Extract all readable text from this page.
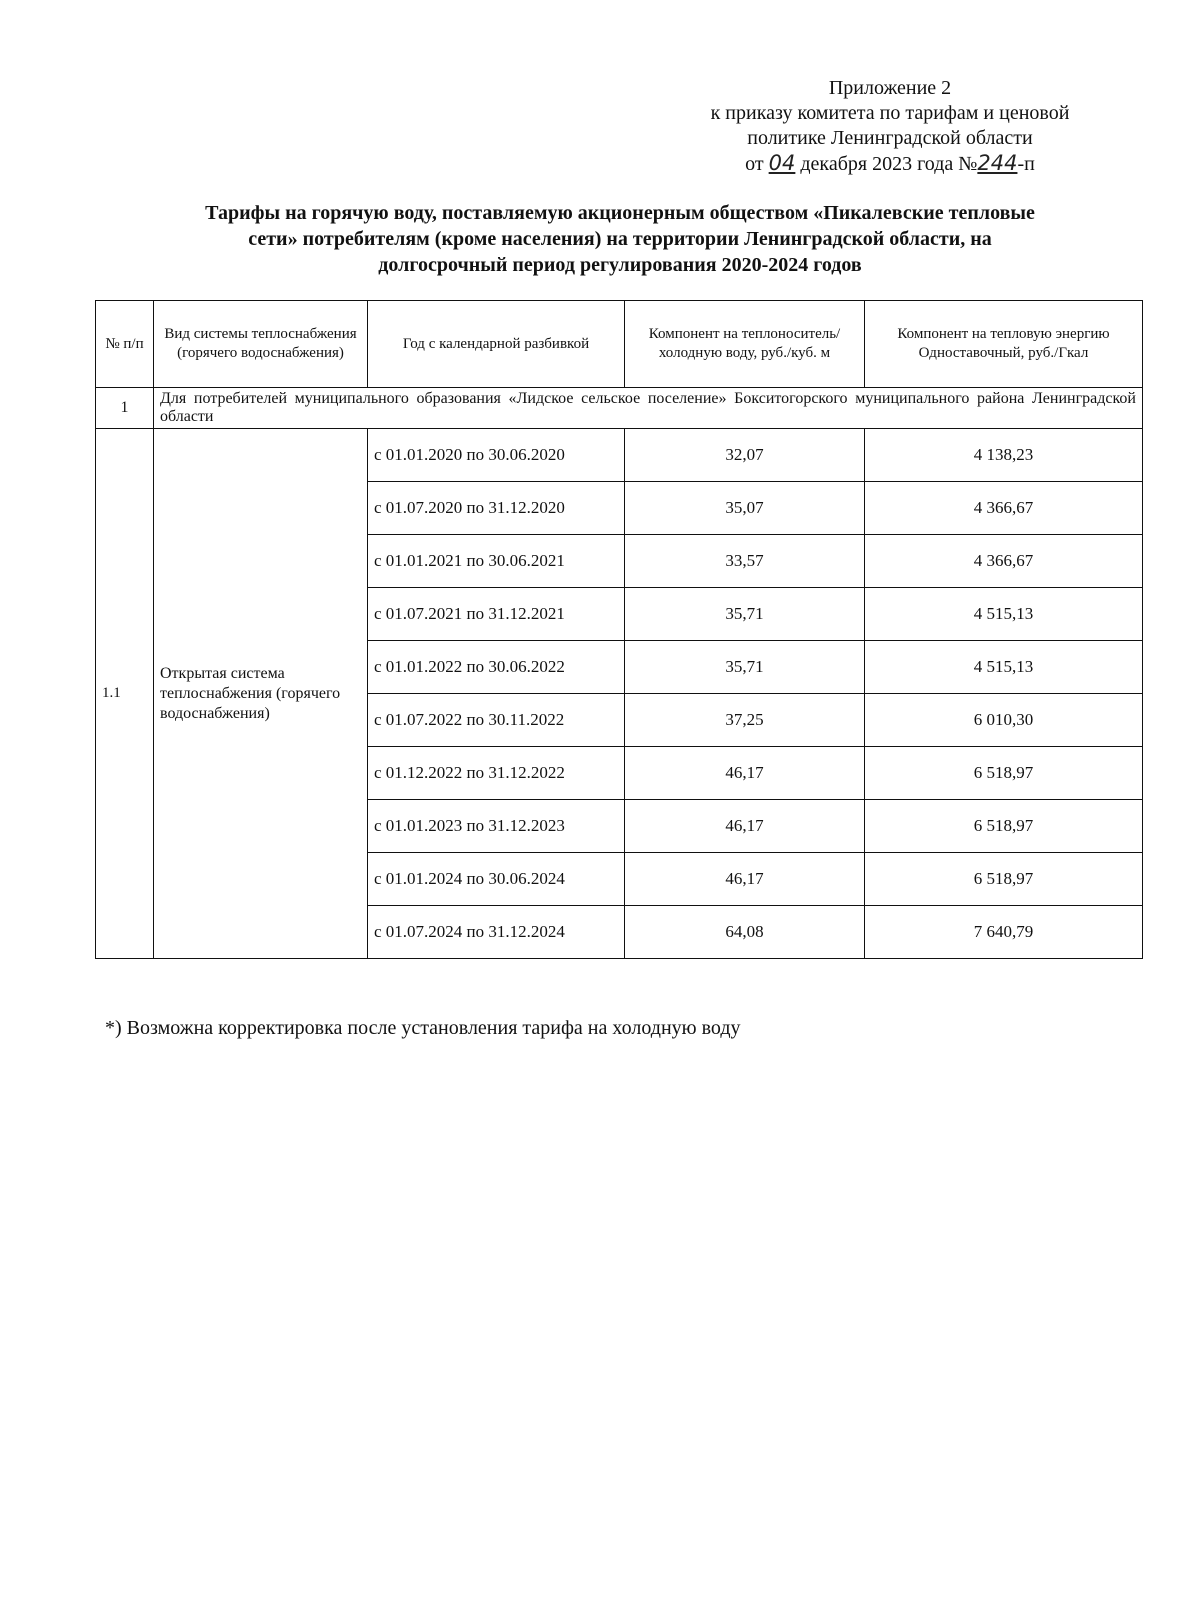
Приложение 2
к приказу комитета по тарифам и ценовой
политике Ленинградской области
от 04 декабря 2023 года №244-п
Тарифы на горячую воду, поставляемую акционерным обществом «Пикалевские тепловые
сети» потребителям (кроме населения) на территории Ленинградской области, на
долгосрочный период регулирования 2020-2024 годов
№ п/п	Вид системы теплоснабжения (горячего водоснабжения)	Год с календарной разбивкой	Компонент на теплоноситель/холодную воду, руб./куб. м	Компонент на тепловую энергию Одноставочный, руб./Гкал
1	Для потребителей муниципального образования «Лидское сельское поселение» Бокситогорского муниципального района Ленинградской области			
1.1	Открытая система теплоснабжения (горячего водоснабжения)	с 01.01.2020 по 30.06.2020	32,07	4 138,23
		с 01.07.2020 по 31.12.2020	35,07	4 366,67
		с 01.01.2021 по 30.06.2021	33,57	4 366,67
		с 01.07.2021 по 31.12.2021	35,71	4 515,13
		с 01.01.2022 по 30.06.2022	35,71	4 515,13
		с 01.07.2022 по 30.11.2022	37,25	6 010,30
		с 01.12.2022 по 31.12.2022	46,17	6 518,97
		с 01.01.2023 по 31.12.2023	46,17	6 518,97
		с 01.01.2024 по 30.06.2024	46,17	6 518,97
		с 01.07.2024 по 31.12.2024	64,08	7 640,79
*) Возможна корректировка после установления тарифа на холодную воду
